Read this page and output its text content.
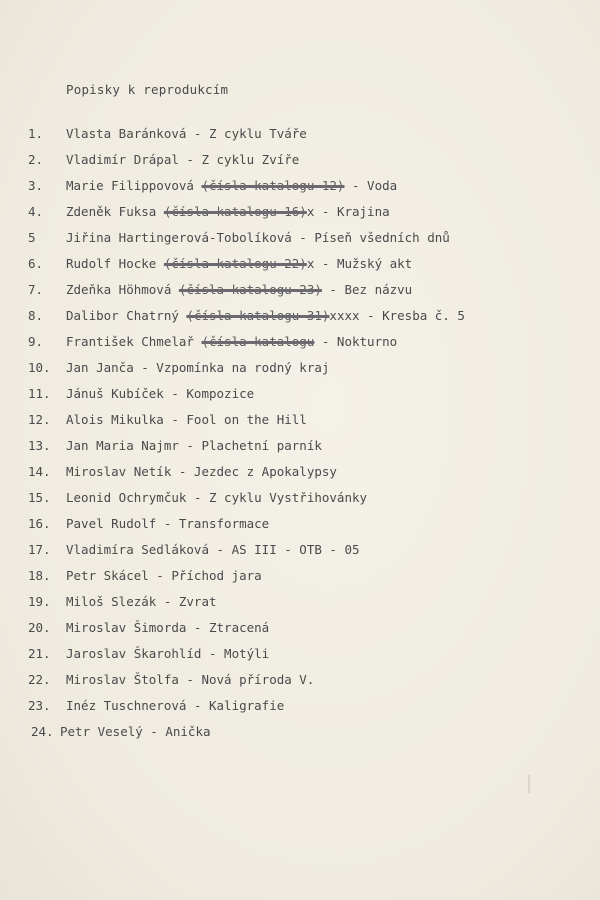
Popisky k reprodukcím
1. Vlasta Baránková - Z cyklu Tváře
2. Vladimír Drápal - Z cyklu Zvíře
3. Marie Filippovová (čísla katalogu 12) - Voda
4. Zdeněk Fuksa (čísla katalogu 16)x - Krajina
5 Jiřina Hartingerová-Tobolíková - Píseň všedních dnů
6. Rudolf Hocke (čísla katalogu 22)x - Mužský akt
7. Zdeňka Höhmová (čísla katalogu 23) - Bez názvu
8. Dalibor Chatrný (čísla katalogu 31)xxxx - Kresba č. 5
9. František Chmelař (čísla katalogu - Nokturno
10. Jan Janča - Vzpomínka na rodný kraj
11. Jánuš Kubíček - Kompozice
12. Alois Mikulka - Fool on the Hill
13. Jan Maria Najmr - Plachetní parník
14. Miroslav Netík - Jezdec z Apokalypsy
15. Leonid Ochrymčuk - Z cyklu Vystřihovánky
16. Pavel Rudolf - Transformace
17. Vladimíra Sedláková - AS III - OTB - 05
18. Petr Skácel - Příchod jara
19. Miloš Slezák - Zvrat
20. Miroslav Šimorda - Ztracená
21. Jaroslav Škarohlíd - Motýli
22. Miroslav Štolfa - Nová příroda V.
23. Inéz Tuschnerová - Kaligrafie
24. Petr Veselý - Anička
